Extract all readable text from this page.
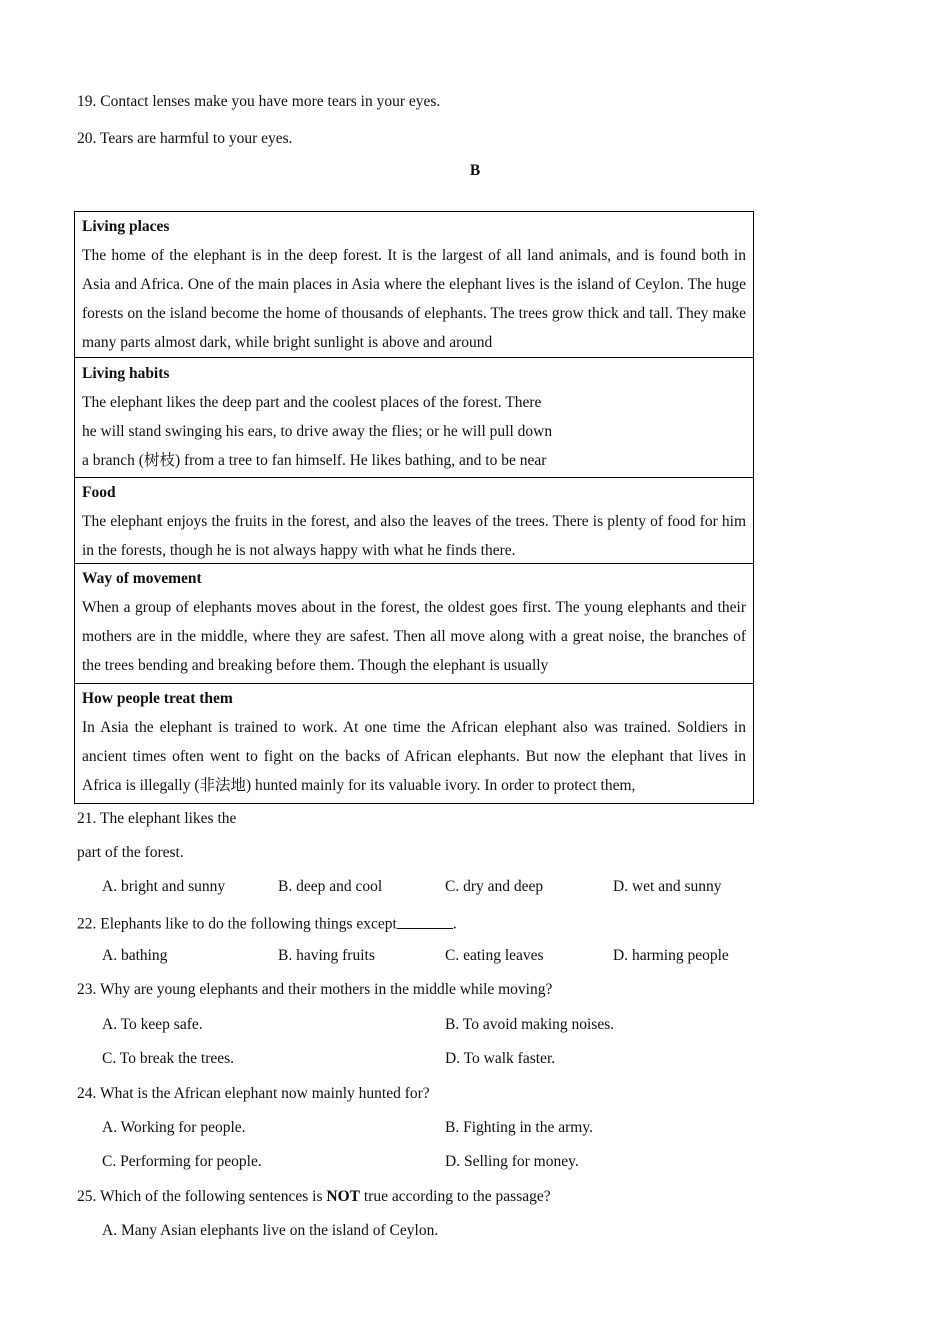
19. Contact lenses make you have more tears in your eyes.
20. Tears are harmful to your eyes.
B
Living places
The home of the elephant is in the deep forest. It is the largest of all land animals, and is found both in Asia and Africa. One of the main places in Asia where the elephant lives is the island of Ceylon. The huge forests on the island become the home of thousands of elephants. The trees grow thick and tall. They make many parts almost dark, while bright sunlight is above and around
Living habits
The elephant likes the deep part and the coolest places of the forest. There
he will stand swinging his ears, to drive away the flies; or he will pull down
a branch (树枝) from a tree to fan himself. He likes bathing, and to be near
Food
The elephant enjoys the fruits in the forest, and also the leaves of the trees. There is plenty of food for him in the forests, though he is not always happy with what he finds there.
Way of movement
When a group of elephants moves about in the forest, the oldest goes first. The young elephants and their mothers are in the middle, where they are safest. Then all move along with a great noise, the branches of the trees bending and breaking before them. Though the elephant is usually
How people treat them
In Asia the elephant is trained to work. At one time the African elephant also was trained. Soldiers in ancient times often went to fight on the backs of African elephants. But now the elephant that lives in Africa is illegally (非法地) hunted mainly for its valuable ivory. In order to protect them,
21. The elephant likes the
part of the forest.
A. bright and sunny	B. deep and cool	C. dry and deep	D. wet and sunny
22. Elephants like to do the following things except	.
A. bathing	B. having fruits	C. eating leaves	D. harming people
23. Why are young elephants and their mothers in the middle while moving?
A. To keep safe.	B. To avoid making noises.
C. To break the trees.	D. To walk faster.
24. What is the African elephant now mainly hunted for?
A. Working for people.	B. Fighting in the army.
C. Performing for people.	D. Selling for money.
25. Which of the following sentences is NOT true according to the passage?
A. Many Asian elephants live on the island of Ceylon.
